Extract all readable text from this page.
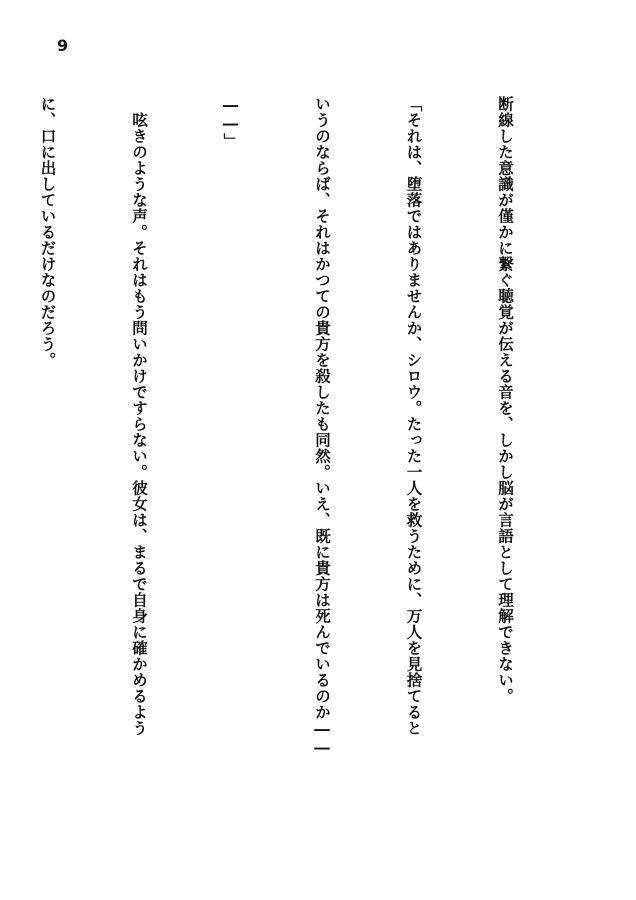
9

断線した意識が僅かに繋ぐ聴覚が伝える音を、しかし脳が言語として理解できない。

「それは、堕落ではありませんか、シロウ。たった一人を救うために、万人を見捨てると

いうのならば、それはかつての貴方を殺したも同然。いえ、既に貴方は死んでいるのか――

――」

　呟きのような声。それはもう問いかけですらない。彼女は、まるで自身に確かめるよう

に、口に出しているだけなのだろう。
